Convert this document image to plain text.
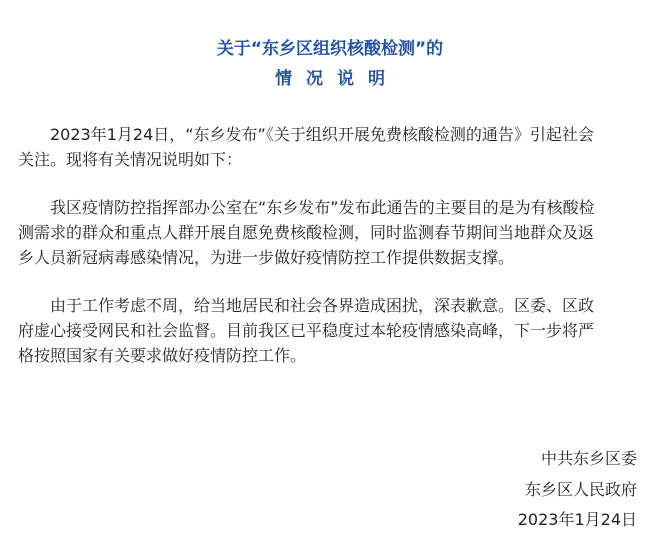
关于“东乡区组织核酸检测”的
情况说明
2023年1月24日，“东乡发布”《关于组织开展免费核酸检测的通告》引起社会
关注。现将有关情况说明如下：
我区疫情防控指挥部办公室在“东乡发布”发布此通告的主要目的是为有核酸检
测需求的群众和重点人群开展自愿免费核酸检测，同时监测春节期间当地群众及返
乡人员新冠病毒感染情况，为进一步做好疫情防控工作提供数据支撑。
由于工作考虑不周，给当地居民和社会各界造成困扰，深表歉意。区委、区政
府虚心接受网民和社会监督。目前我区已平稳度过本轮疫情感染高峰，下一步将严
格按照国家有关要求做好疫情防控工作。
中共东乡区委
东乡区人民政府
2023年1月24日
